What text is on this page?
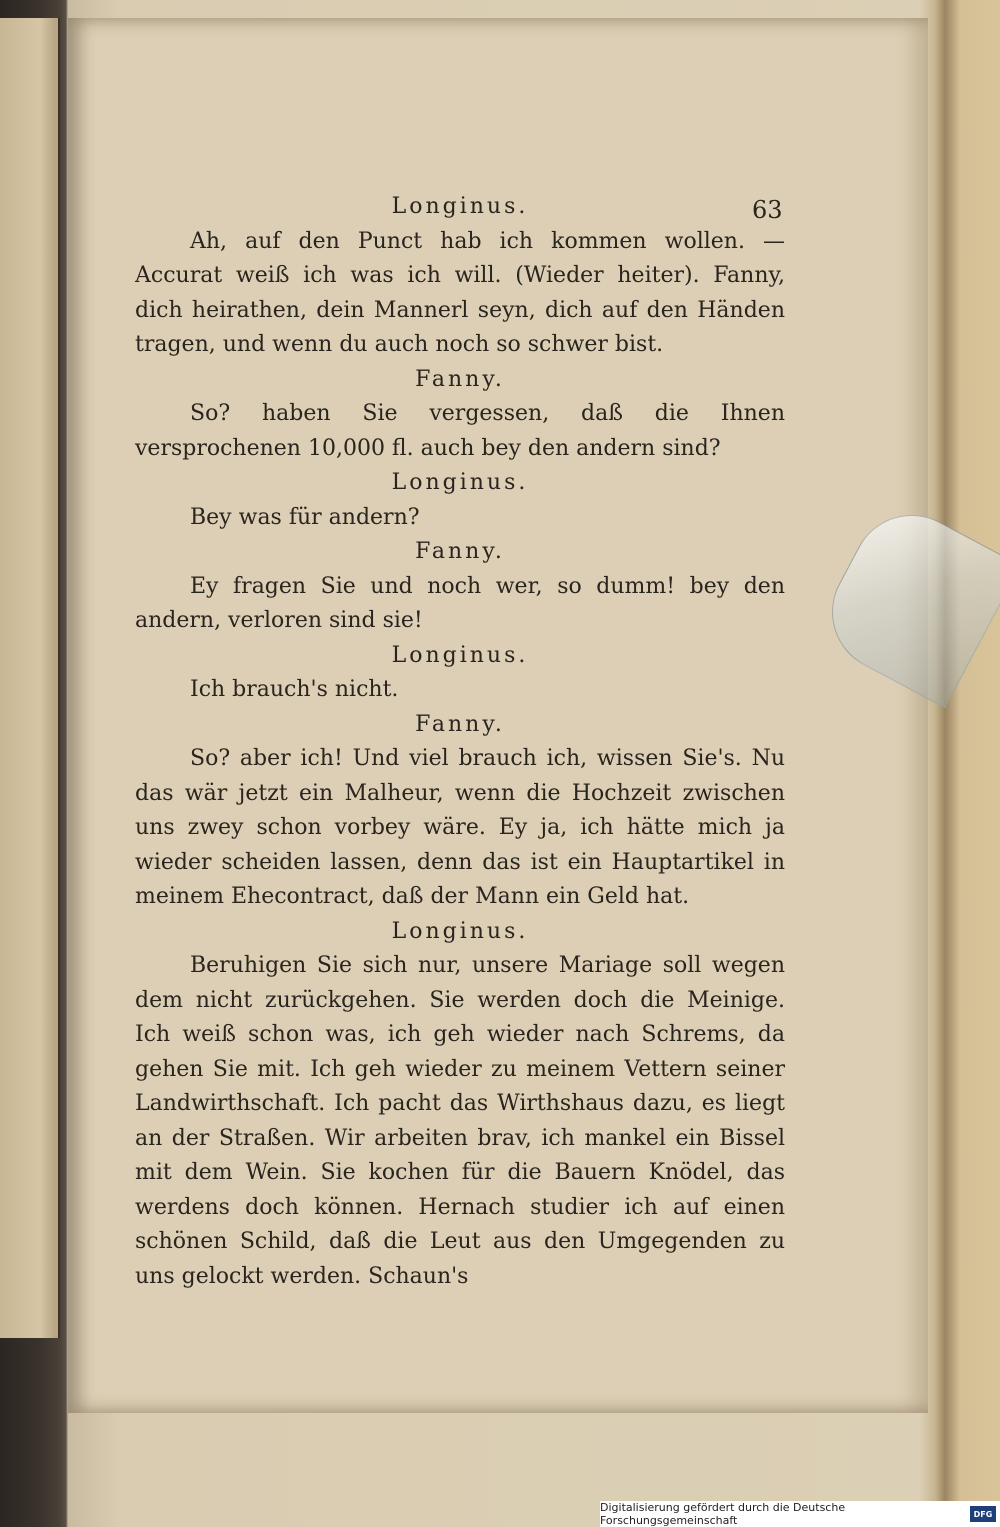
63
Longinus.
Ah, auf den Punct hab ich kommen wollen. — Accurat weiß ich was ich will. (Wieder heiter). Fanny, dich heirathen, dein Mannerl seyn, dich auf den Händen tragen, und wenn du auch noch so schwer bist.
Fanny.
So? haben Sie vergessen, daß die Ihnen versprochenen 10,000 fl. auch bey den andern sind?
Longinus.
Bey was für andern?
Fanny.
Ey fragen Sie und noch wer, so dumm! bey den andern, verloren sind sie!
Longinus.
Ich brauch's nicht.
Fanny.
So? aber ich! Und viel brauch ich, wissen Sie's. Nu das wär jetzt ein Malheur, wenn die Hochzeit zwischen uns zwey schon vorbey wäre. Ey ja, ich hätte mich ja wieder scheiden lassen, denn das ist ein Hauptartikel in meinem Ehecontract, daß der Mann ein Geld hat.
Longinus.
Beruhigen Sie sich nur, unsere Mariage soll wegen dem nicht zurückgehen. Sie werden doch die Meinige. Ich weiß schon was, ich geh wieder nach Schrems, da gehen Sie mit. Ich geh wieder zu meinem Vettern seiner Landwirthschaft. Ich pacht das Wirthshaus dazu, es liegt an der Straßen. Wir arbeiten brav, ich mankel ein Bissel mit dem Wein. Sie kochen für die Bauern Knödel, das werdens doch können. Hernach studier ich auf einen schönen Schild, daß die Leut aus den Umgegenden zu uns gelockt werden. Schaun's
Digitalisierung gefördert durch die Deutsche Forschungsgemeinschaft	DFG
